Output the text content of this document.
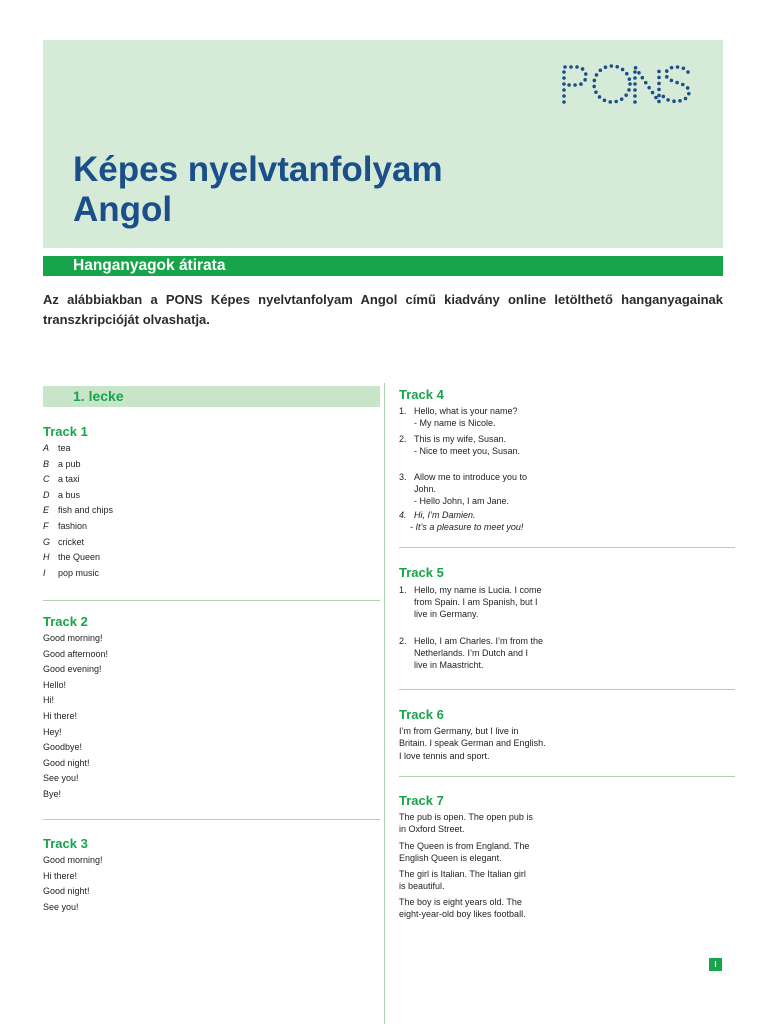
Képes nyelvtanfolyam
Angol
Hanganyagok átirata
Az alábbiakban a PONS Képes nyelvtanfolyam Angol című kiadvány online letölthető hanganyagainak transzkripcióját olvashatja.
1. lecke
Track 1
A tea
B a pub
C a taxi
D a bus
E fish and chips
F fashion
G cricket
H the Queen
I pop music
Track 2
Good morning!
Good afternoon!
Good evening!
Hello!
Hi!
Hi there!
Hey!
Goodbye!
Good night!
See you!
Bye!
Track 3
Good morning!
Hi there!
Good night!
See you!
Track 4
1. Hello, what is your name?
- My name is Nicole.
2. This is my wife, Susan.
- Nice to meet you, Susan.
3. Allow me to introduce you to
John.
- Hello John, I am Jane.
4. Hi, I’m Damien.
- It’s a pleasure to meet you!
Track 5
1. Hello, my name is Lucia. I come
from Spain. I am Spanish, but I
live in Germany.
2. Hello, I am Charles. I’m from the
Netherlands. I’m Dutch and I
live in Maastricht.
Track 6
I’m from Germany, but I live in
Britain. I speak German and English.
I love tennis and sport.
Track 7
The pub is open. The open pub is
in Oxford Street.
The Queen is from England. The
English Queen is elegant.
The girl is Italian. The Italian girl
is beautiful.
The boy is eight years old. The
eight-year-old boy likes football.
I
